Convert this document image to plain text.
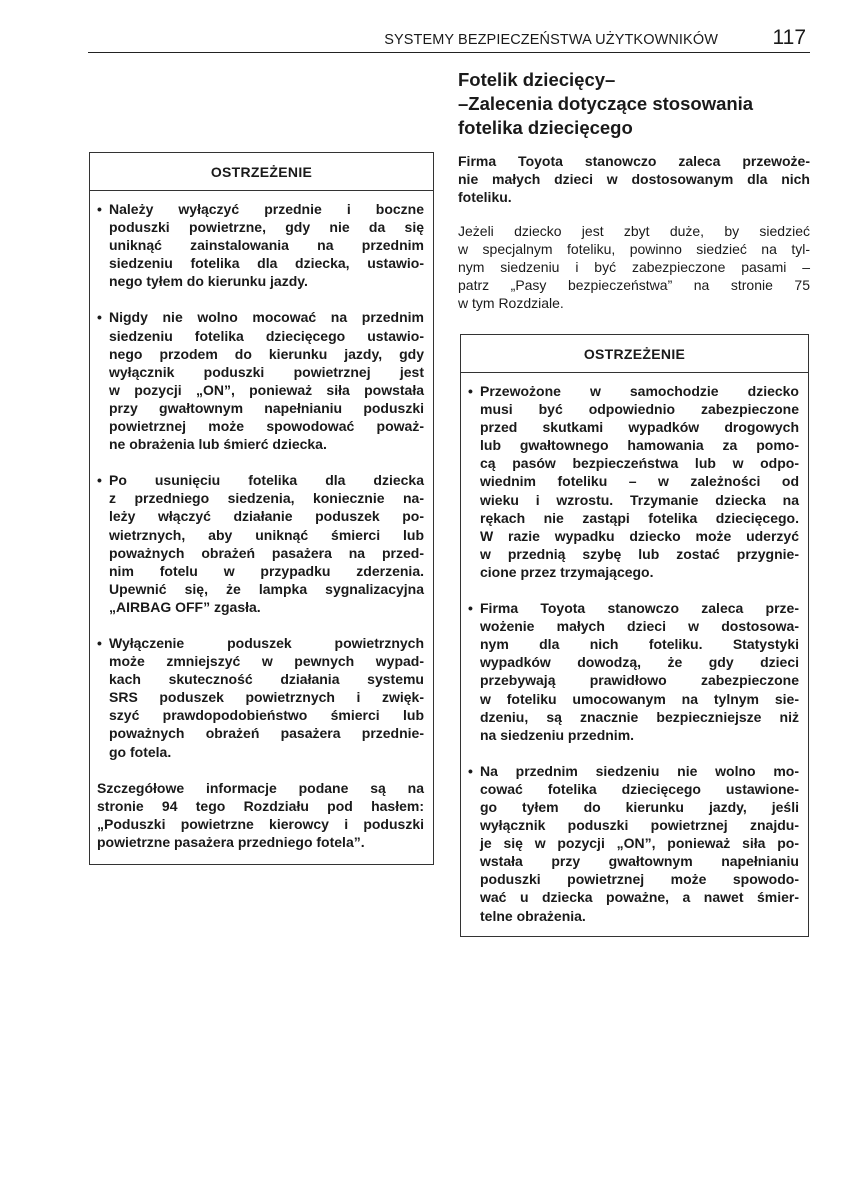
SYSTEMY BEZPIECZEŃSTWA UŻYTKOWNIKÓW	117
Fotelik dziecięcy–
–Zalecenia dotyczące stosowania
fotelika dziecięcego
Firma Toyota stanowczo zaleca przewoże-
nie małych dzieci w dostosowanym dla nich
foteliku.
Jeżeli dziecko jest zbyt duże, by siedzieć
w specjalnym foteliku, powinno siedzieć na tyl-
nym siedzeniu i być zabezpieczone pasami –
patrz „Pasy bezpieczeństwa” na stronie 75
w tym Rozdziale.
OSTRZEŻENIE
• Należy wyłączyć przednie i boczne
poduszki powietrzne, gdy nie da się
uniknąć zainstalowania na przednim
siedzeniu fotelika dla dziecka, ustawio-
nego tyłem do kierunku jazdy.
• Nigdy nie wolno mocować na przednim
siedzeniu fotelika dziecięcego ustawio-
nego przodem do kierunku jazdy, gdy
wyłącznik poduszki powietrznej jest
w pozycji „ON”, ponieważ siła powstała
przy gwałtownym napełnianiu poduszki
powietrznej może spowodować poważ-
ne obrażenia lub śmierć dziecka.
• Po usunięciu fotelika dla dziecka
z przedniego siedzenia, koniecznie na-
leży włączyć działanie poduszek po-
wietrznych, aby uniknąć śmierci lub
poważnych obrażeń pasażera na przed-
nim fotelu w przypadku zderzenia.
Upewnić się, że lampka sygnalizacyjna
„AIRBAG OFF” zgasła.
• Wyłączenie poduszek powietrznych
może zmniejszyć w pewnych wypad-
kach skuteczność działania systemu
SRS poduszek powietrznych i zwięk-
szyć prawdopodobieństwo śmierci lub
poważnych obrażeń pasażera przednie-
go fotela.
Szczegółowe informacje podane są na
stronie 94 tego Rozdziału pod hasłem:
„Poduszki powietrzne kierowcy i poduszki
powietrzne pasażera przedniego fotela”.
OSTRZEŻENIE
• Przewożone w samochodzie dziecko
musi być odpowiednio zabezpieczone
przed skutkami wypadków drogowych
lub gwałtownego hamowania za pomo-
cą pasów bezpieczeństwa lub w odpo-
wiednim foteliku – w zależności od
wieku i wzrostu. Trzymanie dziecka na
rękach nie zastąpi fotelika dziecięcego.
W razie wypadku dziecko może uderzyć
w przednią szybę lub zostać przygnie-
cione przez trzymającego.
• Firma Toyota stanowczo zaleca prze-
wożenie małych dzieci w dostosowa-
nym dla nich foteliku. Statystyki
wypadków dowodzą, że gdy dzieci
przebywają prawidłowo zabezpieczone
w foteliku umocowanym na tylnym sie-
dzeniu, są znacznie bezpieczniejsze niż
na siedzeniu przednim.
• Na przednim siedzeniu nie wolno mo-
cować fotelika dziecięcego ustawione-
go tyłem do kierunku jazdy, jeśli
wyłącznik poduszki powietrznej znajdu-
je się w pozycji „ON”, ponieważ siła po-
wstała przy gwałtownym napełnianiu
poduszki powietrznej może spowodo-
wać u dziecka poważne, a nawet śmier-
telne obrażenia.
